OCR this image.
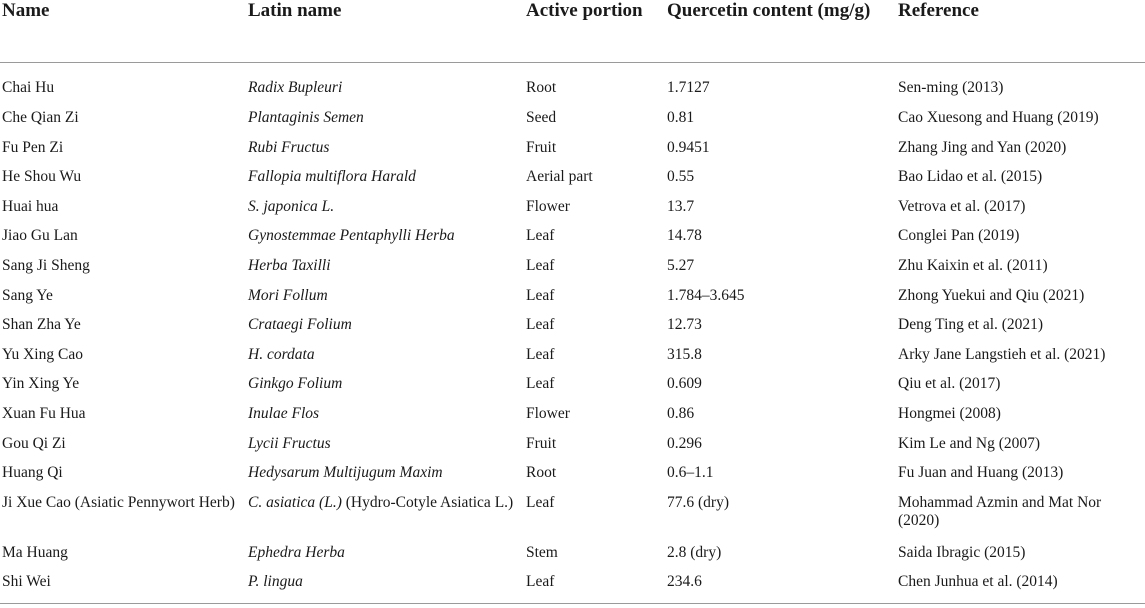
Name	Latin name	Active portion	Quercetin content (mg/g)	Reference
Chai Hu	Radix Bupleuri	Root	1.7127	Sen-ming (2013)
Che Qian Zi	Plantaginis Semen	Seed	0.81	Cao Xuesong and Huang (2019)
Fu Pen Zi	Rubi Fructus	Fruit	0.9451	Zhang Jing and Yan (2020)
He Shou Wu	Fallopia multiflora Harald	Aerial part	0.55	Bao Lidao et al. (2015)
Huai hua	S. japonica L.	Flower	13.7	Vetrova et al. (2017)
Jiao Gu Lan	Gynostemmae Pentaphylli Herba	Leaf	14.78	Conglei Pan (2019)
Sang Ji Sheng	Herba Taxilli	Leaf	5.27	Zhu Kaixin et al. (2011)
Sang Ye	Mori Follum	Leaf	1.784–3.645	Zhong Yuekui and Qiu (2021)
Shan Zha Ye	Crataegi Folium	Leaf	12.73	Deng Ting et al. (2021)
Yu Xing Cao	H. cordata	Leaf	315.8	Arky Jane Langstieh et al. (2021)
Yin Xing Ye	Ginkgo Folium	Leaf	0.609	Qiu et al. (2017)
Xuan Fu Hua	Inulae Flos	Flower	0.86	Hongmei (2008)
Gou Qi Zi	Lycii Fructus	Fruit	0.296	Kim Le and Ng (2007)
Huang Qi	Hedysarum Multijugum Maxim	Root	0.6–1.1	Fu Juan and Huang (2013)
Ji Xue Cao (Asiatic Pennywort Herb)	C. asiatica (L.) (Hydro-Cotyle Asiatica L.)	Leaf	77.6 (dry)	Mohammad Azmin and Mat Nor (2020)
Ma Huang	Ephedra Herba	Stem	2.8 (dry)	Saida Ibragic (2015)
Shi Wei	P. lingua	Leaf	234.6	Chen Junhua et al. (2014)
